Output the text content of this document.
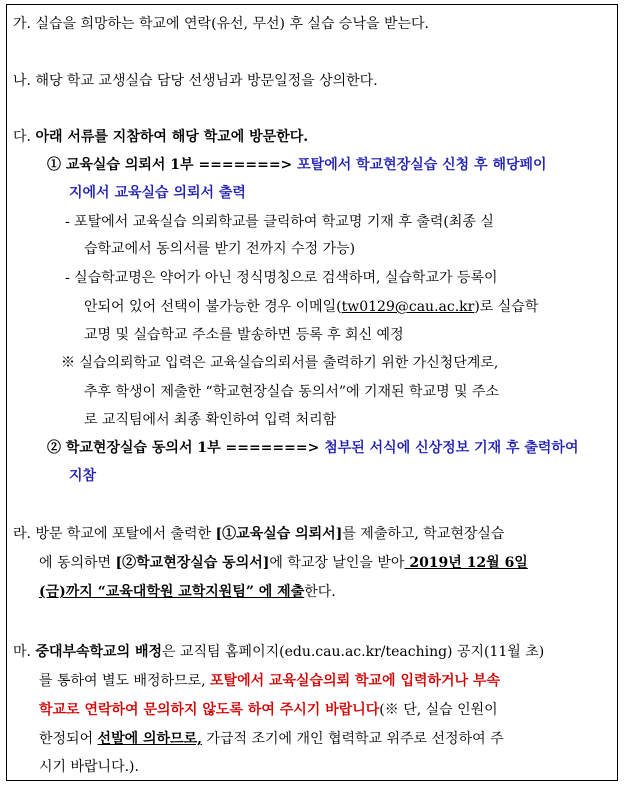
가. 실습을 희망하는 학교에 연락(유선, 무선) 후 실습 승낙을 받는다.
나. 해당 학교 교생실습 담당 선생님과 방문일정을 상의한다.
다. 아래 서류를 지참하여 해당 학교에 방문한다.
① 교육실습 의뢰서 1부 =======> 포탈에서 학교현장실습 신청 후 해당페이
지에서 교육실습 의뢰서 출력
- 포탈에서 교육실습 의뢰학교를 클릭하여 학교명 기재 후 출력(최종 실
습학교에서 동의서를 받기 전까지 수정 가능)
- 실습학교명은 약어가 아닌 정식명칭으로 검색하며, 실습학교가 등록이
안되어 있어 선택이 불가능한 경우 이메일(tw0129@cau.ac.kr)로 실습학
교명 및 실습학교 주소를 발송하면 등록 후 회신 예정
※ 실습의뢰학교 입력은 교육실습의뢰서를 출력하기 위한 가신청단계로,
추후 학생이 제출한 “학교현장실습 동의서”에 기재된 학교명 및 주소
로 교직팀에서 최종 확인하여 입력 처리함
② 학교현장실습 동의서 1부 =======> 첨부된 서식에 신상정보 기재 후 출력하여
지참
라. 방문 학교에 포탈에서 출력한 [①교육실습 의뢰서]를 제출하고, 학교현장실습
에 동의하면 [②학교현장실습 동의서]에 학교장 날인을 받아 2019년 12월 6일
(금)까지 “교육대학원 교학지원팀” 에 제출한다.
마. 중대부속학교의 배정은 교직팀 홈페이지(edu.cau.ac.kr/teaching) 공지(11월 초)
를 통하여 별도 배정하므로, 포탈에서 교육실습의뢰 학교에 입력하거나 부속
학교로 연락하여 문의하지 않도록 하여 주시기 바랍니다(※ 단, 실습 인원이
한정되어 선발에 의하므로, 가급적 조기에 개인 협력학교 위주로 선정하여 주
시기 바랍니다.).
